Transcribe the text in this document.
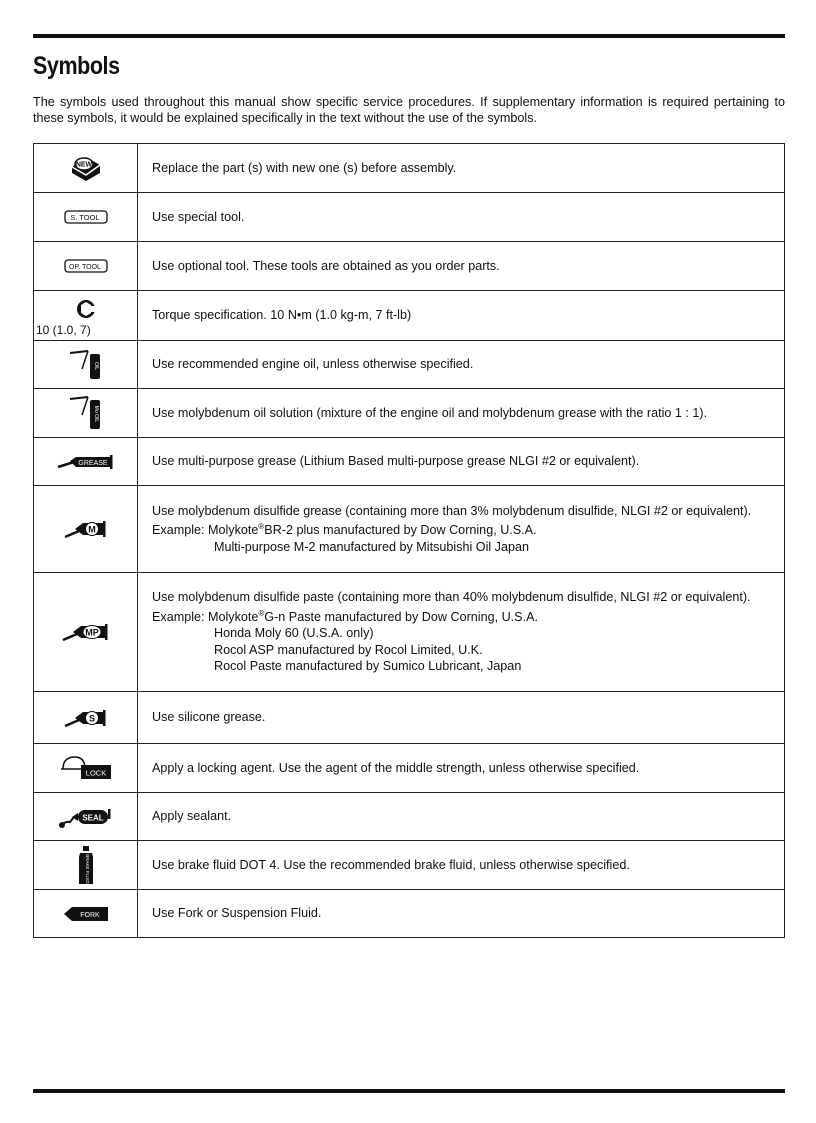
Symbols

The symbols used throughout this manual show specific service procedures. If supplementary information is required pertaining to these symbols, it would be explained specifically in the text without the use of the symbols.

NEW	Replace the part (s) with new one (s) before assembly.

S. TOOL	Use special tool.

OP. TOOL	Use optional tool. These tools are obtained as you order parts.

10 (1.0, 7)	Torque specification. 10 N•m (1.0 kg-m, 7 ft-lb)

OIL	Use recommended engine oil, unless otherwise specified.

Mo OIL	Use molybdenum oil solution (mixture of the engine oil and molybdenum grease with the ratio 1 : 1).

GREASE	Use multi-purpose grease (Lithium Based multi-purpose grease NLGI #2 or equivalent).

M	Use molybdenum disulfide grease (containing more than 3% molybdenum disulfide, NLGI #2 or equivalent).
Example: Molykote®BR-2 plus manufactured by Dow Corning, U.S.A.
Multi-purpose M-2 manufactured by Mitsubishi Oil Japan

MP	Use molybdenum disulfide paste (containing more than 40% molybdenum disulfide, NLGI #2 or equivalent).
Example: Molykote®G-n Paste manufactured by Dow Corning, U.S.A.
Honda Moly 60 (U.S.A. only)
Rocol ASP manufactured by Rocol Limited, U.K.
Rocol Paste manufactured by Sumico Lubricant, Japan

S	Use silicone grease.

LOCK	Apply a locking agent. Use the agent of the middle strength, unless otherwise specified.

SEAL	Apply sealant.

BRAKE FLUID	Use brake fluid DOT 4. Use the recommended brake fluid, unless otherwise specified.

FORK	Use Fork or Suspension Fluid.
